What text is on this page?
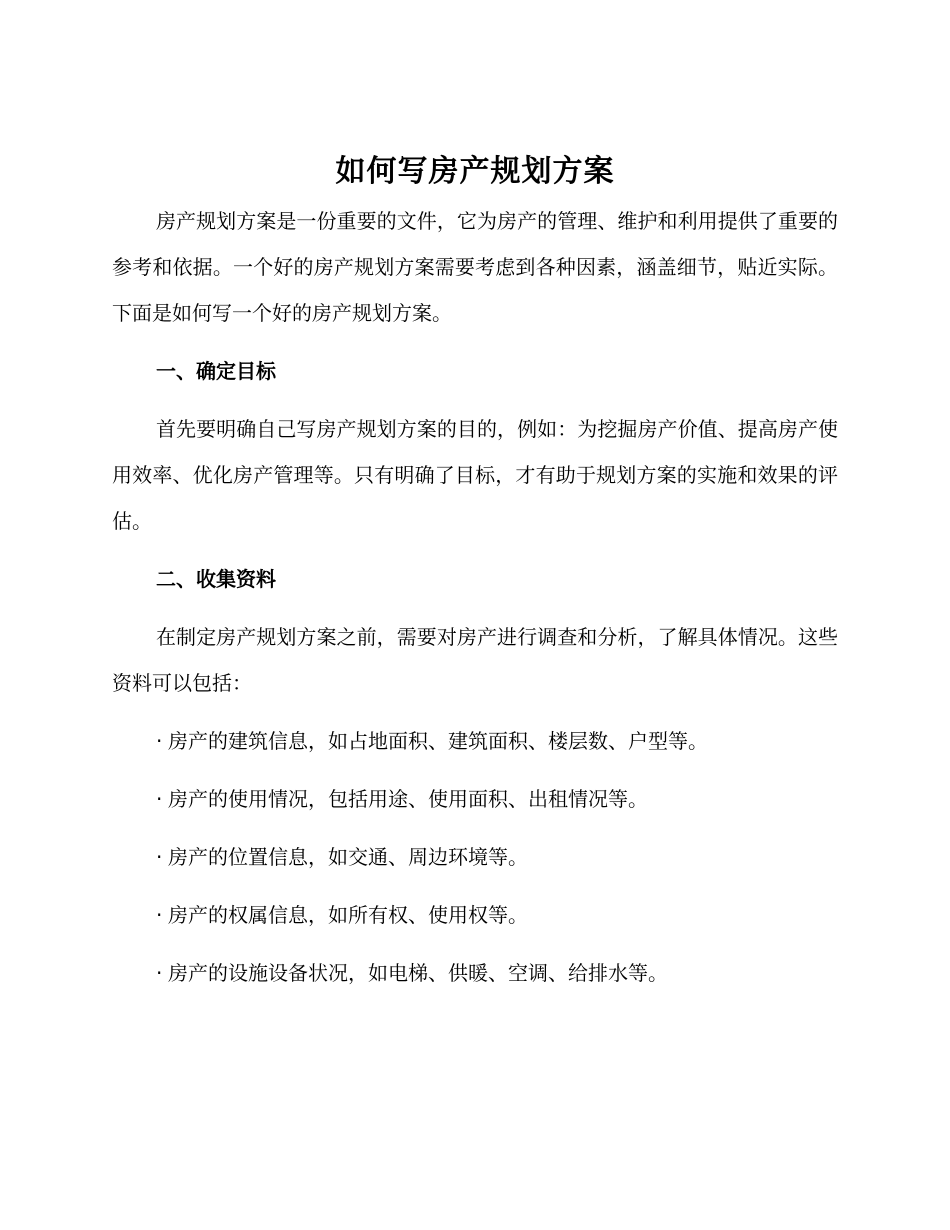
如何写房产规划方案

房产规划方案是一份重要的文件，它为房产的管理、维护和利用提供了重要的参考和依据。一个好的房产规划方案需要考虑到各种因素，涵盖细节，贴近实际。下面是如何写一个好的房产规划方案。

一、确定目标

首先要明确自己写房产规划方案的目的，例如：为挖掘房产价值、提高房产使用效率、优化房产管理等。只有明确了目标，才有助于规划方案的实施和效果的评估。

二、收集资料

在制定房产规划方案之前，需要对房产进行调查和分析，了解具体情况。这些资料可以包括：

· 房产的建筑信息，如占地面积、建筑面积、楼层数、户型等。
· 房产的使用情况，包括用途、使用面积、出租情况等。
· 房产的位置信息，如交通、周边环境等。
· 房产的权属信息，如所有权、使用权等。
· 房产的设施设备状况，如电梯、供暖、空调、给排水等。
